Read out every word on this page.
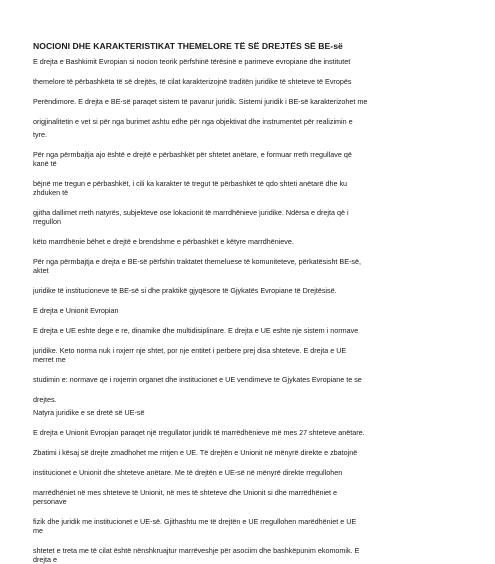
NOCIONI DHE KARAKTERISTIKAT THEMELORE TË SË DREJTËS SË BE-së

E drejta e Bashkimit Evropian si nocion teorik përfshinë tërësinë e parimeve evropiane dhe institutet

themelore të përbashkëta të së drejtës, të cilat karakterizojnë traditën juridike të shteteve të Evropës

Perëndimore. E drejta e BE-së paraqet sistem të pavarur juridik. Sistemi juridik i BE-së karakterizohet me

origjinalitetin e vet si për nga burimet ashtu edhe për nga objektivat dhe instrumentet për realizimin e

tyre.

Për nga përmbajtja ajo është e drejtë e përbashkët për shtetet anëtare, e formuar rreth rregullave që

kanë të

bëjnë me tregun e përbashkët, i cili ka karakter të tregut të përbashkët të qdo shteti anëtarë dhe ku

zhduken të

gjitha dallimet rreth natyrës, subjekteve ose lokacionit të marrdhënieve juridike. Ndërsa e drejta që i

rregullon

këto marrdhënie bëhet e drejtë e brendshme e përbashkët e këtyre marrdhënieve.

Për nga përmbajtja e drejta e BE-së përfshin traktatet themeluese të komuniteteve, përkatësisht BE-së,

aktet

juridike të institucioneve të BE-së si dhe praktikë gjyqësore të Gjykatës Evropiane të Drejtësisë.

E drejta e Unionit Evropian

E drejta e UE eshte dege e re, dinamike dhe multidisiplinare. E drejta e UE eshte nje sistem i normave

juridike. Keto norma nuk i nxjerr nje shtet, por nje entitet i perbere prej disa shteteve. E drejta e UE

merret me

studimin e: normave qe i nxjerrin organet dhe institucionet e UE vendimeve te Gjykates Evropiane te se

drejtes.

Natyra juridike e se dretë së UE-së

E drejta e Unionit Evropjan paraqet një rregullator juridik të marrëdhënieve më mes 27 shteteve anëtare.

Zbatimi i kësaj së drejte zmadhohet me rritjen e UE. Të drejtën e Unionit në mënyrë direkte e zbatojnë

institucionet e Unionit dhe shteteve anëtare. Me të drejtën e UE-së në mënyrë direkte rregullohen

marrëdhëniet në mes shteteve të Unionit, në mes të shteteve dhe Unionit si dhe marrëdhëniet e

personave

fizik dhe juridik me institucionet e UE-së. Gjithashtu me të drejtën e UE rregullohen marëdhëniet e UE

me

shtetet e treta me të cilat është nënshkruajtur marrëveshje për asociim dhe bashkëpunim ekomomik. E

drejta e
